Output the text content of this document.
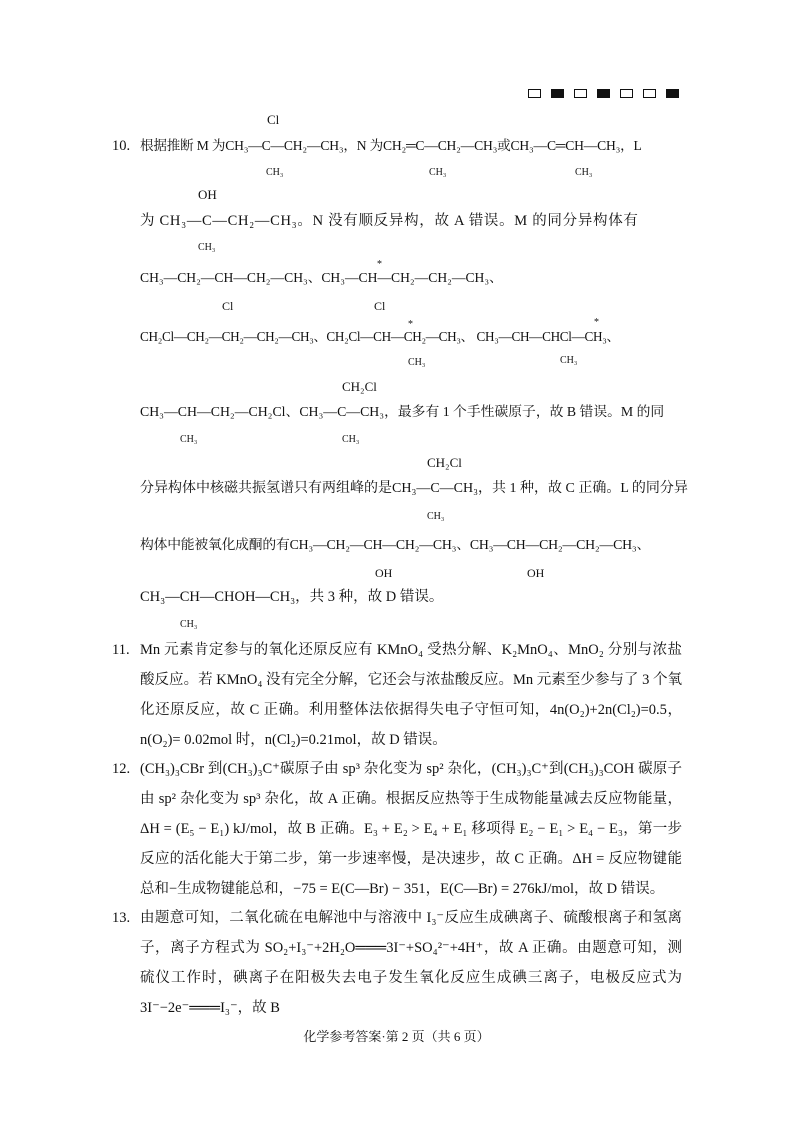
10.
Cl
根据推断 M 为CH₃—C—CH₂—CH₃，N 为CH₂═C—CH₂—CH₃或CH₃—C═CH—CH₃，L
CH₃	CH₃	CH₃
OH
为 CH₃—C—CH₂—CH₃。N 没有顺反异构，故 A 错误。M 的同分异构体有
CH₃
CH₃—CH₂—CH—CH₂—CH₃、CH₃—CH—CH₂—CH₂—CH₃、
*
Cl	Cl
*	*
CH₂Cl—CH₂—CH₂—CH₂—CH₃、CH₂Cl—CH—CH₂—CH₃、 CH₃—CH—CHCl—CH₃、
CH₃	CH₃
CH₂Cl
CH₃—CH—CH₂—CH₂Cl、CH₃—C—CH₃，最多有 1 个手性碳原子，故 B 错误。M 的同
CH₃	CH₃
CH₂Cl
分异构体中核磁共振氢谱只有两组峰的是CH₃—C—CH₃，共 1 种，故 C 正确。L 的同分异
CH₃
构体中能被氧化成酮的有CH₃—CH₂—CH—CH₂—CH₃、CH₃—CH—CH₂—CH₂—CH₃、
OH	OH
CH₃—CH—CHOH—CH₃，共 3 种，故 D 错误。
CH₃
11. Mn 元素肯定参与的氧化还原反应有 KMnO₄ 受热分解、K₂MnO₄、MnO₂ 分别与浓盐酸反应。若 KMnO₄ 没有完全分解，它还会与浓盐酸反应。Mn 元素至少参与了 3 个氧化还原反应，故 C 正确。利用整体法依据得失电子守恒可知，4n(O₂)+2n(Cl₂)=0.5，n(O₂)= 0.02mol 时，n(Cl₂)=0.21mol，故 D 错误。
12. (CH₃)₃CBr 到(CH₃)₃C⁺碳原子由 sp³ 杂化变为 sp² 杂化，(CH₃)₃C⁺到(CH₃)₃COH 碳原子由 sp² 杂化变为 sp³ 杂化，故 A 正确。根据反应热等于生成物能量减去反应物能量，ΔH = (E₅ − E₁) kJ/mol，故 B 正确。E₃ + E₂ > E₄ + E₁ 移项得 E₂ − E₁ > E₄ − E₃，第一步反应的活化能大于第二步，第一步速率慢，是决速步，故 C 正确。ΔH = 反应物键能总和−生成物键能总和，−75 = E(C—Br) − 351，E(C—Br) = 276kJ/mol，故 D 错误。
13. 由题意可知，二氧化硫在电解池中与溶液中 I₃⁻反应生成碘离子、硫酸根离子和氢离子，离子方程式为 SO₂+I₃⁻+2H₂O═══3I⁻+SO₄²⁻+4H⁺，故 A 正确。由题意可知，测硫仪工作时，碘离子在阳极失去电子发生氧化反应生成碘三离子，电极反应式为 3I⁻−2e⁻═══I₃⁻，故 B
化学参考答案·第 2 页（共 6 页）
